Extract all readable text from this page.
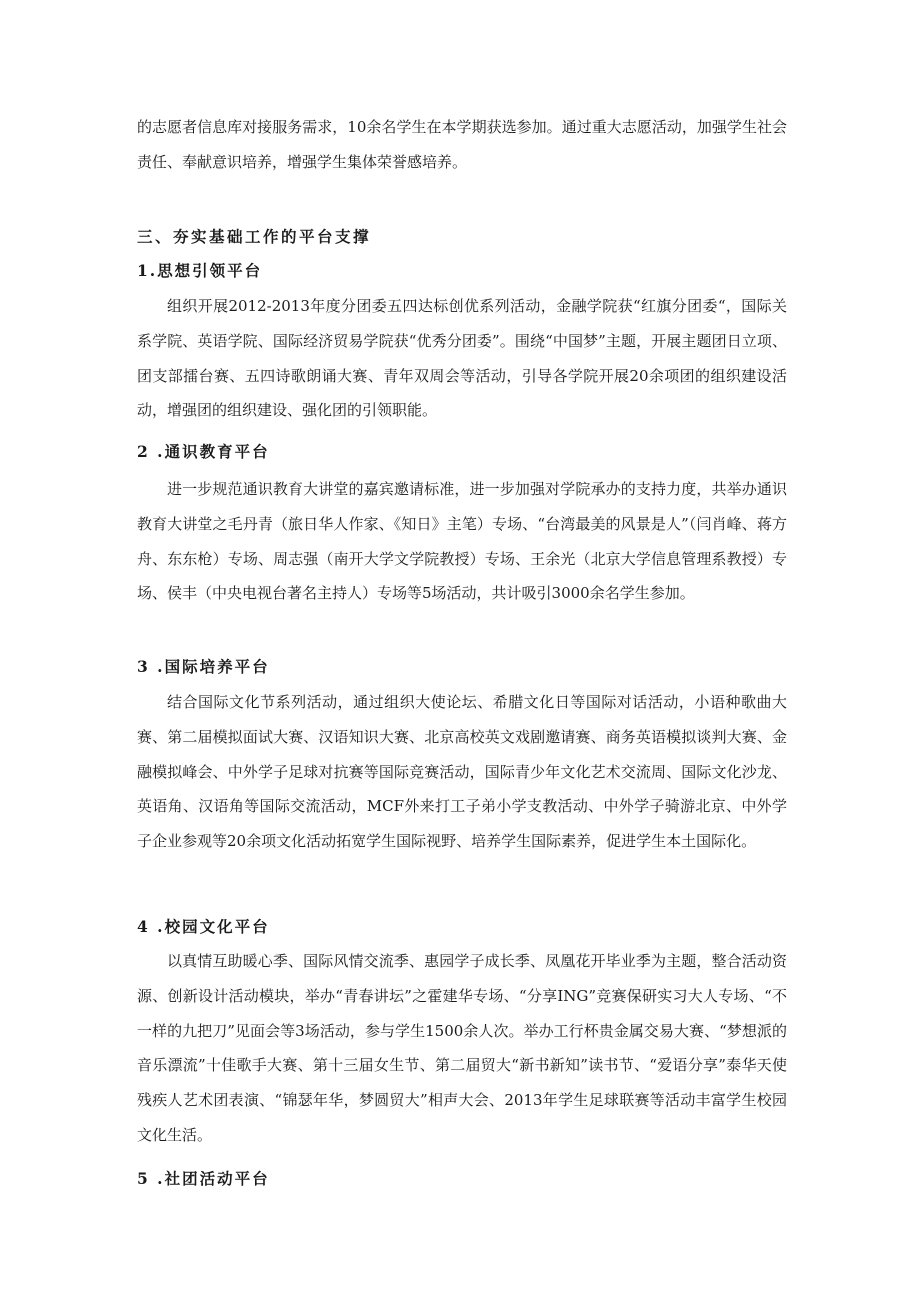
的志愿者信息库对接服务需求，10余名学生在本学期获选参加。通过重大志愿活动，加强学生社会责任、奉献意识培养，增强学生集体荣誉感培养。

三、夯实基础工作的平台支撑
1.思想引领平台

组织开展2012-2013年度分团委五四达标创优系列活动，金融学院获“红旗分团委“，国际关系学院、英语学院、国际经济贸易学院获“优秀分团委”。围绕“中国梦”主题，开展主题团日立项、团支部擂台赛、五四诗歌朗诵大赛、青年双周会等活动，引导各学院开展20余项团的组织建设活动，增强团的组织建设、强化团的引领职能。

2 .通识教育平台

进一步规范通识教育大讲堂的嘉宾邀请标准，进一步加强对学院承办的支持力度，共举办通识教育大讲堂之毛丹青（旅日华人作家、《知日》主笔）专场、“台湾最美的风景是人”（闫肖峰、蒋方舟、东东枪）专场、周志强（南开大学文学院教授）专场、王余光（北京大学信息管理系教授）专场、侯丰（中央电视台著名主持人）专场等5场活动，共计吸引3000余名学生参加。

3 .国际培养平台

结合国际文化节系列活动，通过组织大使论坛、希腊文化日等国际对话活动，小语种歌曲大赛、第二届模拟面试大赛、汉语知识大赛、北京高校英文戏剧邀请赛、商务英语模拟谈判大赛、金融模拟峰会、中外学子足球对抗赛等国际竞赛活动，国际青少年文化艺术交流周、国际文化沙龙、英语角、汉语角等国际交流活动，MCF外来打工子弟小学支教活动、中外学子骑游北京、中外学子企业参观等20余项文化活动拓宽学生国际视野、培养学生国际素养，促进学生本土国际化。

4 .校园文化平台

以真情互助暖心季、国际风情交流季、惠园学子成长季、凤凰花开毕业季为主题，整合活动资源、创新设计活动模块，举办“青春讲坛”之霍建华专场、“分享ING”竞赛保研实习大人专场、“不一样的九把刀”见面会等3场活动，参与学生1500余人次。举办工行杯贵金属交易大赛、“梦想派的音乐漂流”十佳歌手大赛、第十三届女生节、第二届贸大“新书新知”读书节、“爱语分享”泰华天使残疾人艺术团表演、“锦瑟年华，梦圆贸大”相声大会、2013年学生足球联赛等活动丰富学生校园文化生活。

5 .社团活动平台
